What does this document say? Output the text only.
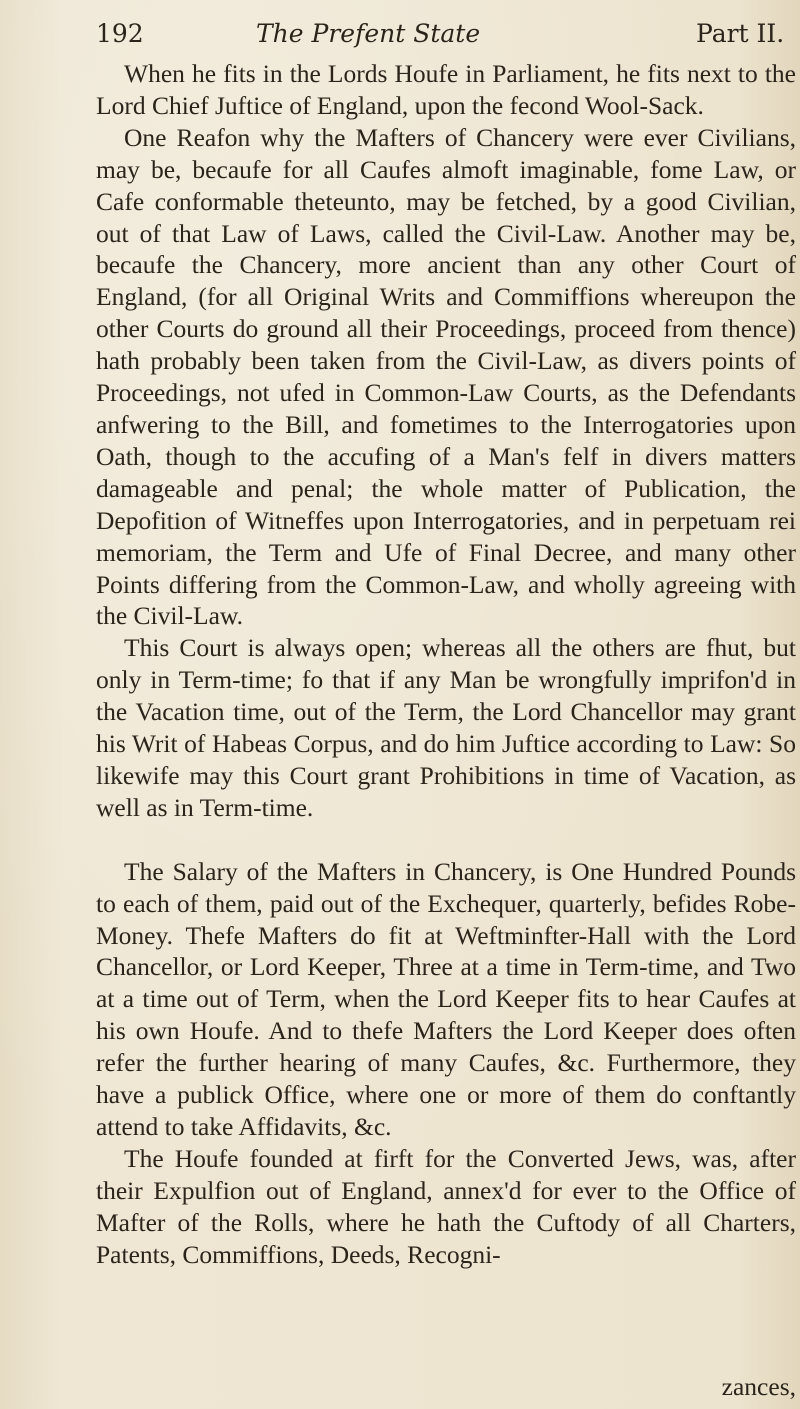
192	The Prefent State	Part II.

When he fits in the Lords Houfe in Parliament, he fits next to the Lord Chief Juftice of England, upon the fecond Wool-Sack.

One Reafon why the Mafters of Chancery were ever Civilians, may be, becaufe for all Caufes almoft imaginable, fome Law, or Cafe conformable theteunto, may be fetched, by a good Civilian, out of that Law of Laws, called the Civil-Law. Another may be, becaufe the Chancery, more ancient than any other Court of England, (for all Original Writs and Commiffions whereupon the other Courts do ground all their Proceedings, proceed from thence) hath probably been taken from the Civil-Law, as divers points of Proceedings, not ufed in Common-Law Courts, as the Defendants anfwering to the Bill, and fometimes to the Interrogatories upon Oath, though to the accufing of a Man's felf in divers matters damageable and penal; the whole matter of Publication, the Depofition of Witneffes upon Interrogatories, and in perpetuam rei memoriam, the Term and Ufe of Final Decree, and many other Points differing from the Common-Law, and wholly agreeing with the Civil-Law.

This Court is always open; whereas all the others are fhut, but only in Term-time; fo that if any Man be wrongfully imprifon'd in the Vacation time, out of the Term, the Lord Chancellor may grant his Writ of Habeas Corpus, and do him Juftice according to Law: So likewife may this Court grant Prohibitions in time of Vacation, as well as in Term-time.

The Salary of the Mafters in Chancery, is One Hundred Pounds to each of them, paid out of the Exchequer, quarterly, befides Robe-Money. Thefe Mafters do fit at Weftminfter-Hall with the Lord Chancellor, or Lord Keeper, Three at a time in Term-time, and Two at a time out of Term, when the Lord Keeper fits to hear Caufes at his own Houfe. And to thefe Mafters the Lord Keeper does often refer the further hearing of many Caufes, &c. Furthermore, they have a publick Office, where one or more of them do conftantly attend to take Affidavits, &c.

The Houfe founded at firft for the Converted Jews, was, after their Expulfion out of England, annex'd for ever to the Office of Mafter of the Rolls, where he hath the Cuftody of all Charters, Patents, Commiffions, Deeds, Recogni-

zances,
